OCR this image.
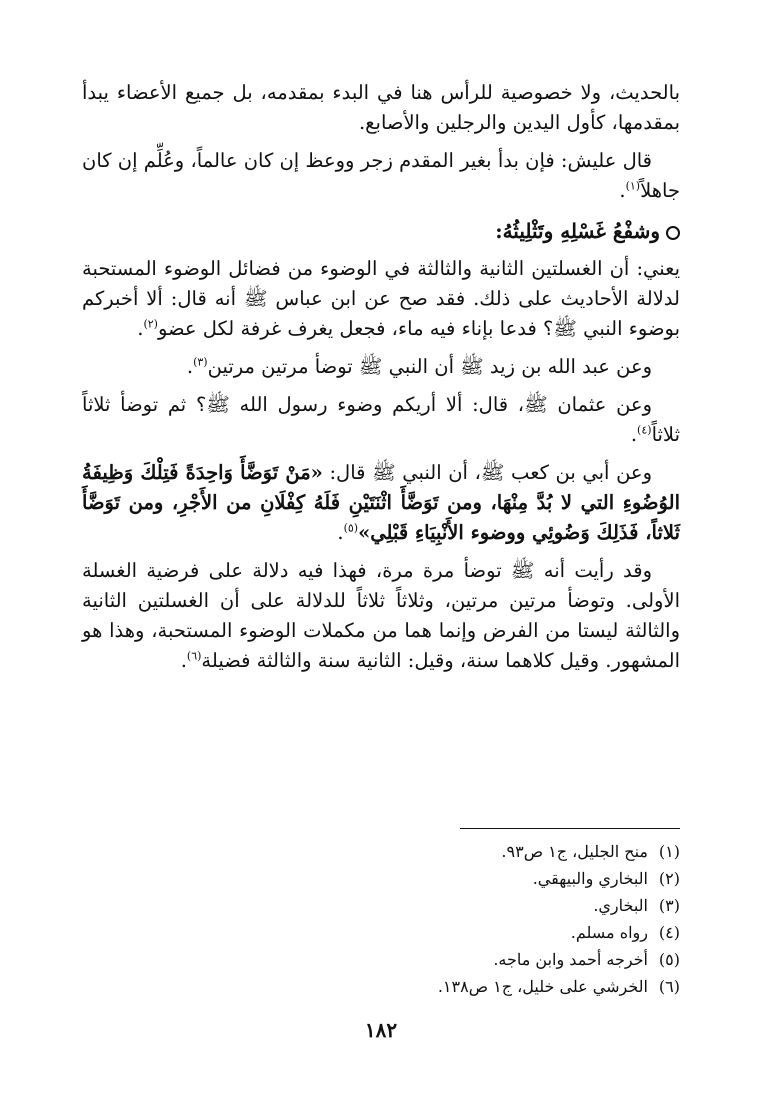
بالحديث، ولا خصوصية للرأس هنا في البدء بمقدمه، بل جميع الأعضاء يبدأ بمقدمها، كأول اليدين والرجلين والأصابع.

قال عليش: فإن بدأ بغير المقدم زجر ووعظ إن كان عالماً، وعُلِّم إن كان جاهلاً$^{(١)}$.

وشفْعُ غَسْلِهِ وتَثْلِيثُهُ:

يعني: أن الغسلتين الثانية والثالثة في الوضوء من فضائل الوضوء المستحبة لدلالة الأحاديث على ذلك. فقد صح عن ابن عباس ﷺ أنه قال: ألا أخبركم بوضوء النبي ﷺ؟ فدعا بإناء فيه ماء، فجعل يغرف غرفة لكل عضو$^{(٢)}$.

وعن عبد الله بن زيد ﷺ أن النبي ﷺ توضأ مرتين مرتين$^{(٣)}$.

وعن عثمان ﷺ، قال: ألا أريكم وضوء رسول الله ﷺ؟ ثم توضأ ثلاثاً ثلاثاً$^{(٤)}$.

وعن أبي بن كعب ﷺ، أن النبي ﷺ قال: «مَنْ تَوَضَّأَ وَاحِدَةً فَتِلْكَ وَظِيفَةُ الوُضُوءِ التي لا بُدَّ مِنْهَا، ومن تَوَضَّأَ اثْنَتَيْنِ فَلَهُ كِفْلَانِ من الأَجْرِ، ومن تَوَضَّأَ ثَلاثاً، فَذَلِكَ وَضُوئِي ووضوء الأَنْبِيَاءِ قَبْلِي»$^{(٥)}$.

وقد رأيت أنه ﷺ توضأ مرة مرة، فهذا فيه دلالة على فرضية الغسلة الأولى. وتوضأ مرتين مرتين، وثلاثاً ثلاثاً للدلالة على أن الغسلتين الثانية والثالثة ليستا من الفرض وإنما هما من مكملات الوضوء المستحبة، وهذا هو المشهور. وقيل كلاهما سنة، وقيل: الثانية سنة والثالثة فضيلة$^{(٦)}$.

(١)
منح الجليل، ج١ ص٩٣.
(٢)
البخاري والبيهقي.
(٣)
البخاري.
(٤)
رواه مسلم.
(٥)
أخرجه أحمد وابن ماجه.
(٦)
الخرشي على خليل، ج١ ص١٣٨.
١٨٢
